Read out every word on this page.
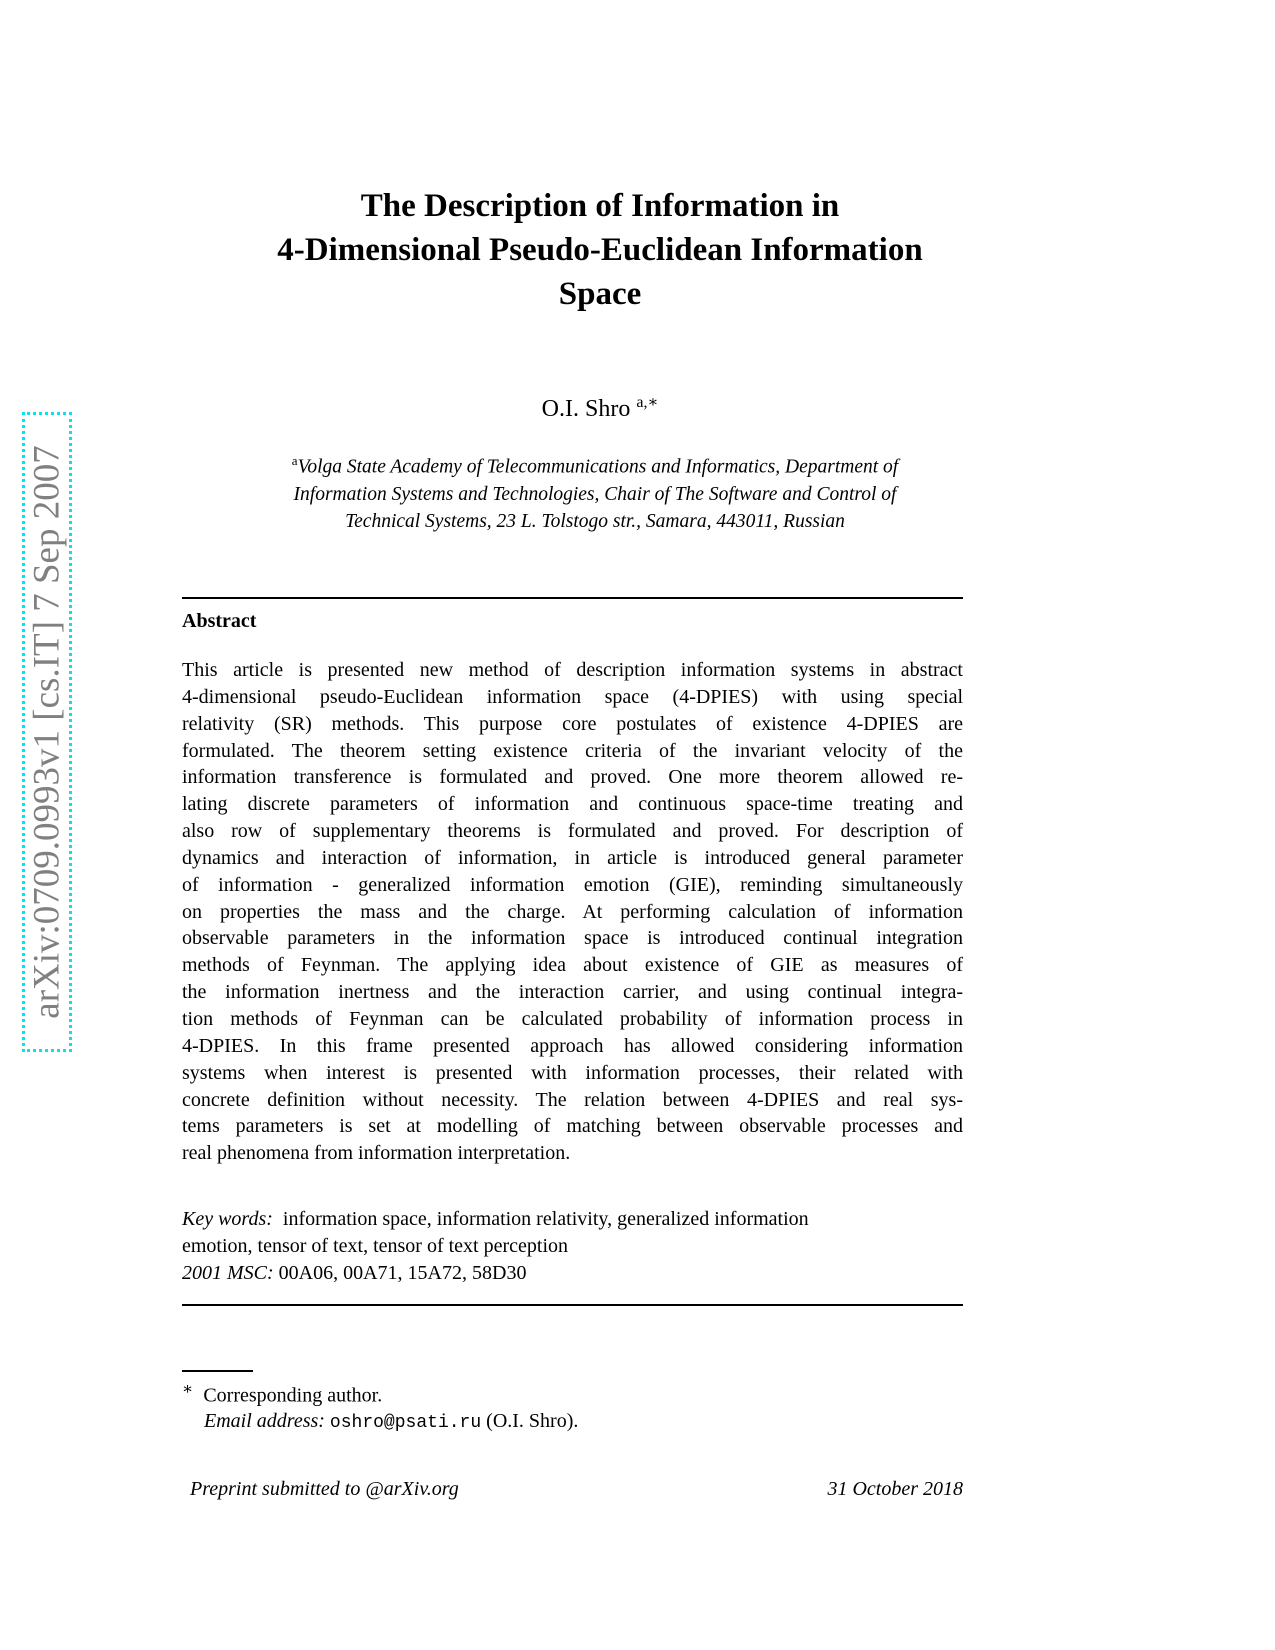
arXiv:0709.0993v1 [cs.IT] 7 Sep 2007
The Description of Information in
4-Dimensional Pseudo-Euclidean Information
Space
O.I. Shro $^{a,∗}$
$^a$Volga State Academy of Telecommunications and Informatics, Department of
Information Systems and Technologies, Chair of The Software and Control of
Technical Systems, 23 L. Tolstogo str., Samara, 443011, Russian
Abstract
This article is presented new method of description information systems in abstract
4-dimensional pseudo-Euclidean information space (4-DPIES) with using special
relativity (SR) methods. This purpose core postulates of existence 4-DPIES are
formulated. The theorem setting existence criteria of the invariant velocity of the
information transference is formulated and proved. One more theorem allowed re-
lating discrete parameters of information and continuous space-time treating and
also row of supplementary theorems is formulated and proved. For description of
dynamics and interaction of information, in article is introduced general parameter
of information - generalized information emotion (GIE), reminding simultaneously
on properties the mass and the charge. At performing calculation of information
observable parameters in the information space is introduced continual integration
methods of Feynman. The applying idea about existence of GIE as measures of
the information inertness and the interaction carrier, and using continual integra-
tion methods of Feynman can be calculated probability of information process in
4-DPIES. In this frame presented approach has allowed considering information
systems when interest is presented with information processes, their related with
concrete definition without necessity. The relation between 4-DPIES and real sys-
tems parameters is set at modelling of matching between observable processes and
real phenomena from information interpretation.
Key words: information space, information relativity, generalized information
emotion, tensor of text, tensor of text perception
2001 MSC: 00A06, 00A71, 15A72, 58D30
∗ Corresponding author.
Email address: oshro@psati.ru (O.I. Shro).
Preprint submitted to @arXiv.org	31 October 2018
